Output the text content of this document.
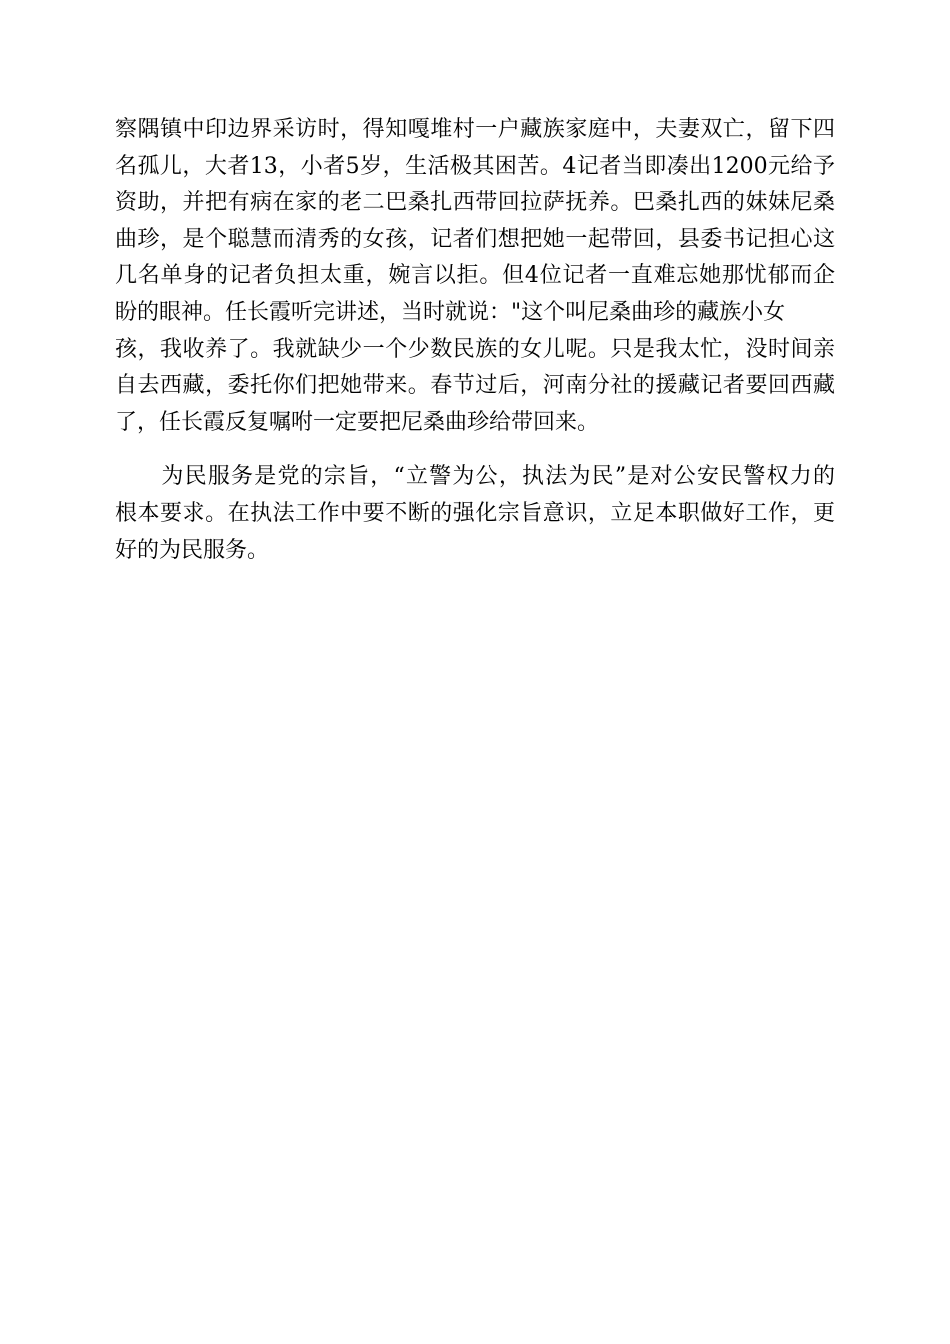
察隅镇中印边界采访时，得知嘎堆村一户藏族家庭中，夫妻双亡，留下四
名孤儿，大者13，小者5岁，生活极其困苦。4记者当即凑出1200元给予
资助，并把有病在家的老二巴桑扎西带回拉萨抚养。巴桑扎西的妹妹尼桑
曲珍，是个聪慧而清秀的女孩，记者们想把她一起带回，县委书记担心这
几名单身的记者负担太重，婉言以拒。但4位记者一直难忘她那忧郁而企
盼的眼神。任长霞听完讲述，当时就说："这个叫尼桑曲珍的藏族小女
孩，我收养了。我就缺少一个少数民族的女儿呢。只是我太忙，没时间亲
自去西藏，委托你们把她带来。春节过后，河南分社的援藏记者要回西藏
了，任长霞反复嘱咐一定要把尼桑曲珍给带回来。
　　为民服务是党的宗旨，“立警为公，执法为民”是对公安民警权力的
根本要求。在执法工作中要不断的强化宗旨意识，立足本职做好工作，更
好的为民服务。
